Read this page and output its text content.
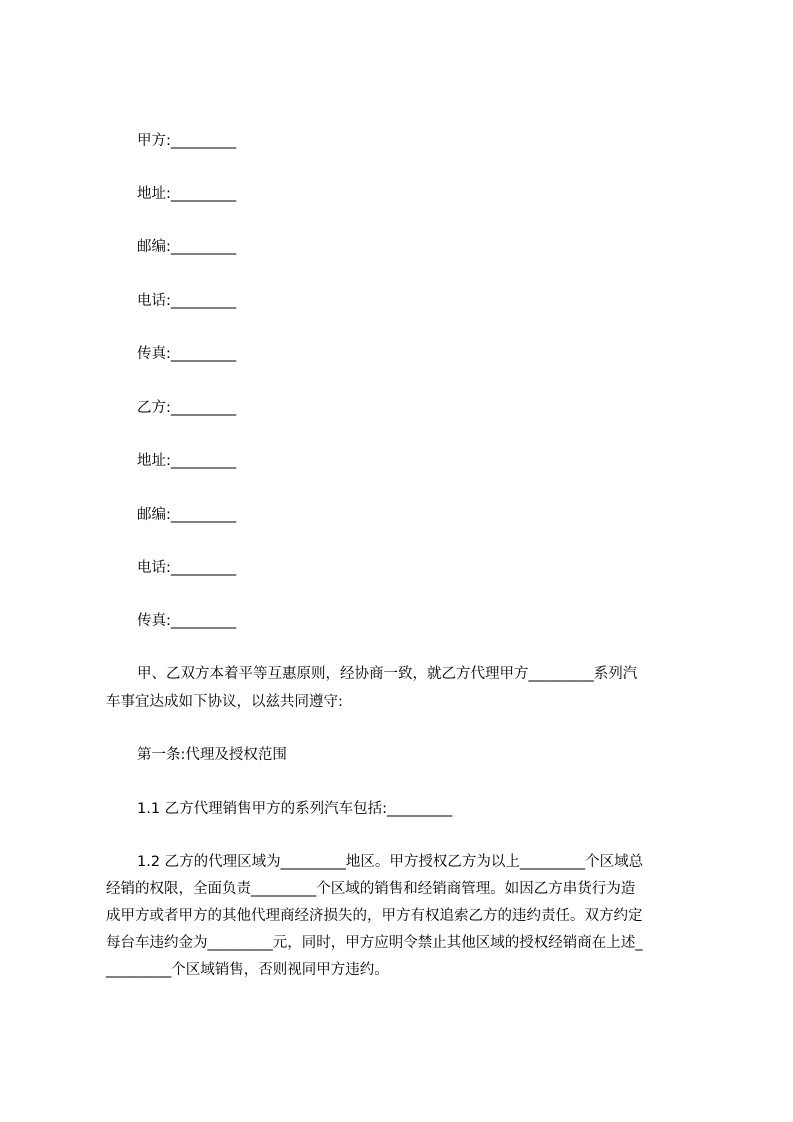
甲方:_________
地址:_________
邮编:_________
电话:_________
传真:_________
乙方:_________
地址:_________
邮编:_________
电话:_________
传真:_________
甲、乙双方本着平等互惠原则，经协商一致，就乙方代理甲方_________系列汽
车事宜达成如下协议，以兹共同遵守:
第一条:代理及授权范围
1.1 乙方代理销售甲方的系列汽车包括:_________
1.2 乙方的代理区域为_________地区。甲方授权乙方为以上_________个区域总
经销的权限，全面负责_________个区域的销售和经销商管理。如因乙方串货行为造
成甲方或者甲方的其他代理商经济损失的，甲方有权追索乙方的违约责任。双方约定
每台车违约金为_________元，同时，甲方应明令禁止其他区域的授权经销商在上述_
_________个区域销售，否则视同甲方违约。
